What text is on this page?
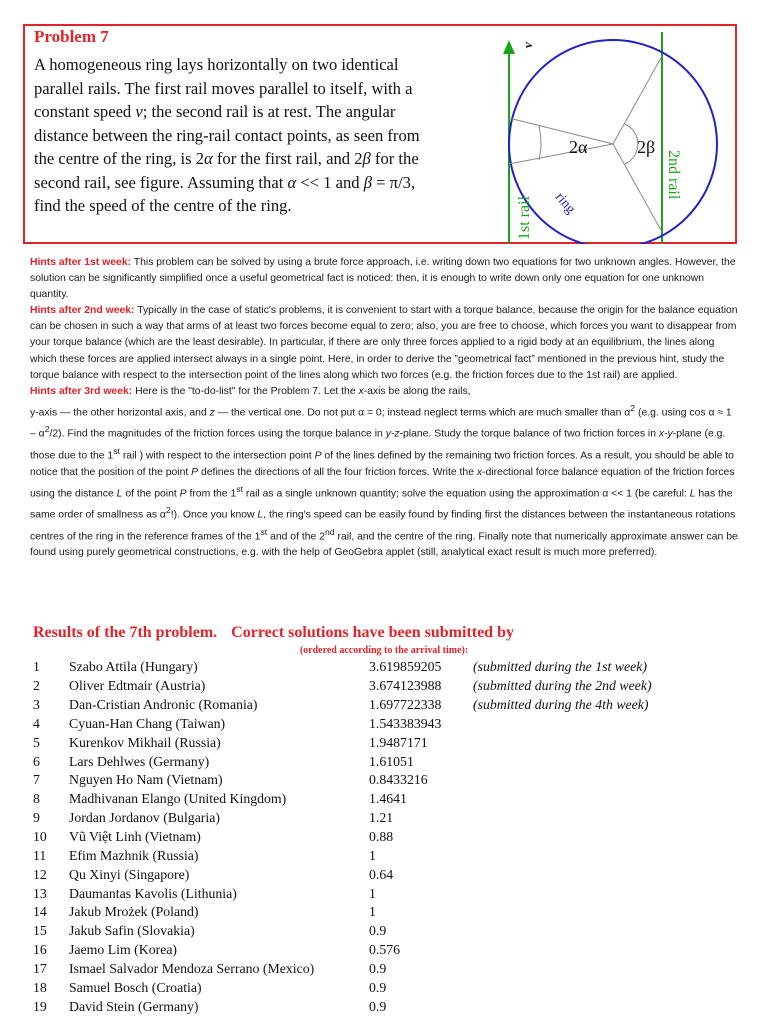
Problem 7
A homogeneous ring lays horizontally on two identical parallel rails. The first rail moves parallel to itself, with a constant speed v; the second rail is at rest. The angular distance between the ring-rail contact points, as seen from the centre of the ring, is 2α for the first rail, and 2β for the second rail, see figure. Assuming that α << 1 and β = π/3, find the speed of the centre of the ring.
v
2α	2β
1st rail
2nd rail
ring
Hints after 1st week: This problem can be solved by using a brute force approach, i.e. writing down two equations for two unknown angles. However, the solution can be significantly simplified once a useful geometrical fact is noticed: then, it is enough to write down only one equation for one unknown quantity.
Hints after 2nd week: Typically in the case of static's problems, it is convenient to start with a torque balance, because the origin for the balance equation can be chosen in such a way that arms of at least two forces become equal to zero; also, you are free to choose, which forces you want to disappear from your torque balance (which are the least desirable). In particular, if there are only three forces applied to a rigid body at an equilibrium, the lines along which these forces are applied intersect always in a single point. Here, in order to derive the ”geometrical fact” mentioned in the previous hint, study the torque balance with respect to the intersection point of the lines along which two forces (e.g. the friction forces due to the 1st rail) are applied.
Hints after 3rd week: Here is the "to-do-list" for the Problem 7. Let the x-axis be along the rails,
y-axis — the other horizontal axis, and z — the vertical one. Do not put α = 0; instead neglect terms which are much smaller than $\alpha^2$ (e.g. using $\cos \alpha \approx 1 - \alpha^2/2$). Find the magnitudes of the friction forces using the torque balance in y-z-plane. Study the torque balance of two friction forces in x-y-plane (e.g. those due to the 1st rail ) with respect to the intersection point P of the lines defined by the remaining two friction forces. As a result, you should be able to notice that the position of the point P defines the directions of all the four friction forces. Write the x-directional force balance equation of the friction forces using the distance L of the point P from the 1st rail as a single unknown quantity; solve the equation using the approximation α << 1 (be careful: L has the same order of smallness as $\alpha^2$!). Once you know L, the ring's speed can be easily found by finding first the distances between the instantaneous rotations centres of the ring in the reference frames of the 1st and of the 2nd rail, and the centre of the ring. Finally note that numerically approximate answer can be found using purely geometrical constructions, e.g. with the help of GeoGebra applet (still, analytical exact result is much more preferred).
Results of the 7th problem. Correct solutions have been submitted by
(ordered according to the arrival time):
1	Szabo Attila (Hungary)	3.619859205	(submitted during the 1st week)
2	Oliver Edtmair (Austria)	3.674123988	(submitted during the 2nd week)
3	Dan-Cristian Andronic (Romania)	1.697722338	(submitted during the 4th week)
4	Cyuan-Han Chang (Taiwan)	1.543383943	
5	Kurenkov Mikhail (Russia)	1.9487171	
6	Lars Dehlwes (Germany)	1.61051	
7	Nguyen Ho Nam (Vietnam)	0.8433216	
8	Madhivanan Elango (United Kingdom)	1.4641	
9	Jordan Jordanov (Bulgaria)	1.21	
10	Vũ Việt Linh (Vietnam)	0.88	
11	Efim Mazhnik (Russia)	1	
12	Qu Xinyi (Singapore)	0.64	
13	Daumantas Kavolis (Lithunia)	1	
14	Jakub Mrożek (Poland)	1	
15	Jakub Safin (Slovakia)	0.9	
16	Jaemo Lim (Korea)	0.576	
17	Ismael Salvador Mendoza Serrano (Mexico)	0.9	
18	Samuel Bosch (Croatia)	0.9	
19	David Stein (Germany)	0.9	
